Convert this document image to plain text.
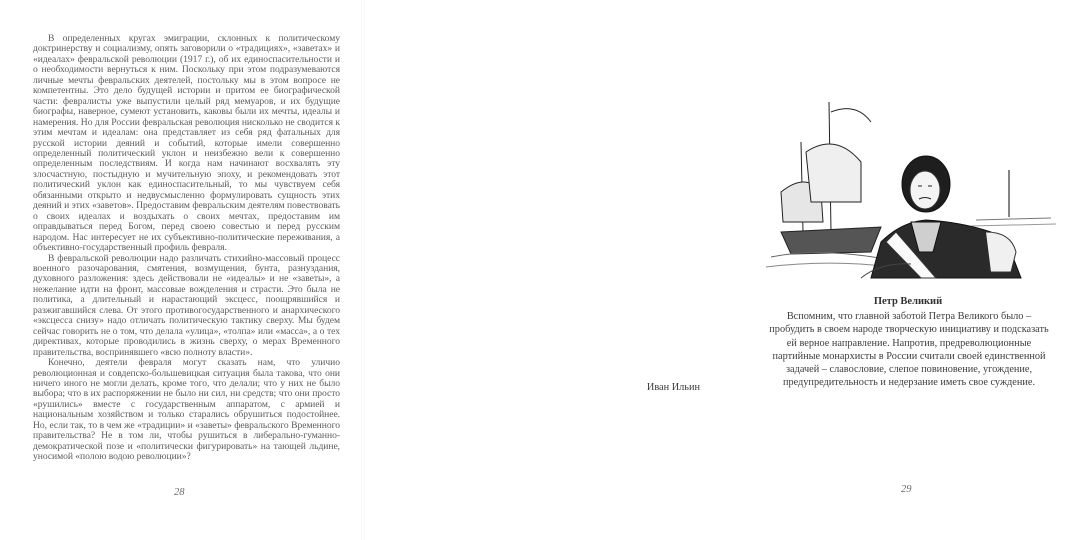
В определенных кругах эмиграции, склонных к политическому доктринерству и социализму, опять заговорили о «традициях», «заветах» и «идеалах» февральской революции (1917 г.), об их единоспасительности и о необходимости вернуться к ним. Поскольку при этом подразумеваются личные мечты февральских деятелей, постольку мы в этом вопросе не компетентны. Это дело будущей истории и притом ее биографической части: февралисты уже выпустили целый ряд мемуаров, и их будущие биографы, наверное, сумеют установить, каковы были их мечты, идеалы и намерения. Но для России февральская революция нисколько не сводится к этим мечтам и идеалам: она представляет из себя ряд фатальных для русской истории деяний и событий, которые имели совершенно определенный политический уклон и неизбежно вели к совершенно определенным последствиям. И когда нам начинают восхвалять эту злосчастную, постыдную и мучительную эпоху, и рекомендовать этот политический уклон как единоспасительный, то мы чувствуем себя обязанными открыто и недвусмысленно формулировать сущность этих деяний и этих «заветов». Предоставим февральским деятелям повествовать о своих идеалах и воздыхать о своих мечтах, предоставим им оправдываться перед Богом, перед своею совестью и перед русским народом. Нас интересует не их субъективно-политические переживания, а объективно-государственный профиль февраля.

В февральской революции надо различать стихийно-массовый процесс военного разочарования, смятения, возмущения, бунта, разнуздания, духовного разложения: здесь действовали не «идеалы» и не «заветы», а нежелание идти на фронт, массовые вожделения и страсти. Это была не политика, а длительный и нарастающий эксцесс, поощрявшийся и разжигавшийся слева. От этого противогосударственного и анархического «эксцесса снизу» надо отличать политическую тактику сверху. Мы будем сейчас говорить не о том, что делала «улица», «толпа» или «масса», а о тех директивах, которые проводились в жизнь сверху, о мерах Временного правительства, воспринявшего «всю полноту власти».

Конечно, деятели февраля могут сказать нам, что уличио революционная и совдепско-большевицкая ситуация была такова, что они ничего иного не могли делать, кроме того, что делали; что у них не было выбора; что в их распоряжении не было ни сил, ни средств; что они просто «рушились» вместе с государственным аппаратом, с армией и национальным хозяйством и только старались обрушиться подостойнее. Но, если так, то в чем же «традиции» и «заветы» февральского Временного правительства? Не в том ли, чтобы рушиться в либерально-гуманно-демократической позе и «политически фигурировать» на тающей льдине, уносимой «полою водою революции»?

28
Петр Великий
Вспомним, что главной заботой Петра Великого было –
пробудить в своем народе творческую инициативу и подсказать
ей верное направление. Напротив, предреволюционные
партийные монархисты в России считали своей единственной
задачей – славословие, слепое повиновение, угождение,
предупредительность и недерзание иметь свое суждение.
Иван Ильин
29
